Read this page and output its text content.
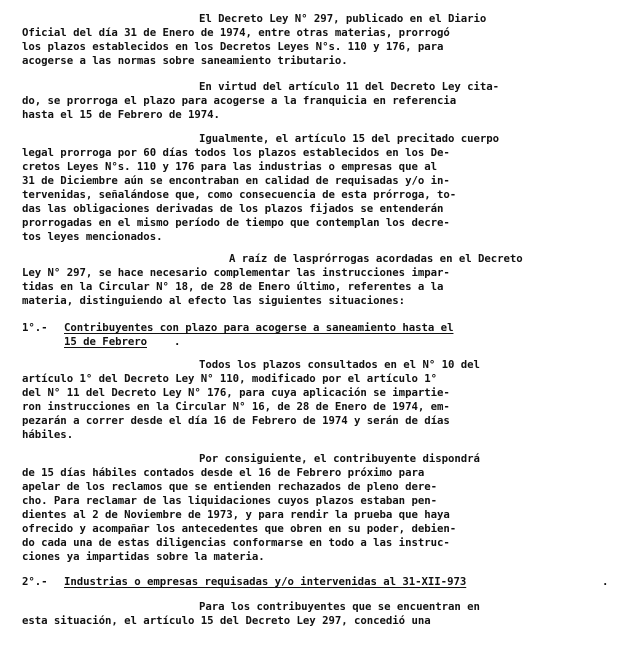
El Decreto Ley N° 297, publicado en el Diario
Oficial del día 31 de Enero de 1974, entre otras materias, prorrogó
los plazos establecidos en los Decretos Leyes N°s. 110 y 176, para
acogerse a las normas sobre saneamiento tributario.
En virtud del artículo 11 del Decreto Ley cita-
do, se prorroga el plazo para acogerse a la franquicia en referencia
hasta el 15 de Febrero de 1974.
Igualmente, el artículo 15 del precitado cuerpo
legal prorroga por 60 días todos los plazos establecidos en los De-
cretos Leyes N°s. 110 y 176 para las industrias o empresas que al
31 de Diciembre aún se encontraban en calidad de requisadas y/o in-
tervenidas, señalándose que, como consecuencia de esta prórroga, to-
das las obligaciones derivadas de los plazos fijados se entenderán
prorrogadas en el mismo período de tiempo que contemplan los decre-
tos leyes mencionados.
A raíz de lasprórrogas acordadas en el Decreto
Ley N° 297, se hace necesario complementar las instrucciones impar-
tidas en la Circular N° 18, de 28 de Enero último, referentes a la
materia, distinguiendo al efecto las siguientes situaciones:
1°.- Contribuyentes con plazo para acogerse a saneamiento hasta el
15 de Febrero	.
Todos los plazos consultados en el N° 10 del
artículo 1° del Decreto Ley N° 110, modificado por el artículo 1°
del N° 11 del Decreto Ley N° 176, para cuya aplicación se impartie-
ron instrucciones en la Circular N° 16, de 28 de Enero de 1974, em-
pezarán a correr desde el día 16 de Febrero de 1974 y serán de días
hábiles.
Por consiguiente, el contribuyente dispondrá
de 15 días hábiles contados desde el 16 de Febrero próximo para
apelar de los reclamos que se entienden rechazados de pleno dere-
cho. Para reclamar de las liquidaciones cuyos plazos estaban pen-
dientes al 2 de Noviembre de 1973, y para rendir la prueba que haya
ofrecido y acompañar los antecedentes que obren en su poder, debien-
do cada una de estas diligencias conformarse en todo a las instruc-
ciones ya impartidas sobre la materia.
2°.- Industrias o empresas requisadas y/o intervenidas al 31-XII-973	.
Para los contribuyentes que se encuentran en
esta situación, el artículo 15 del Decreto Ley 297, concedió una
